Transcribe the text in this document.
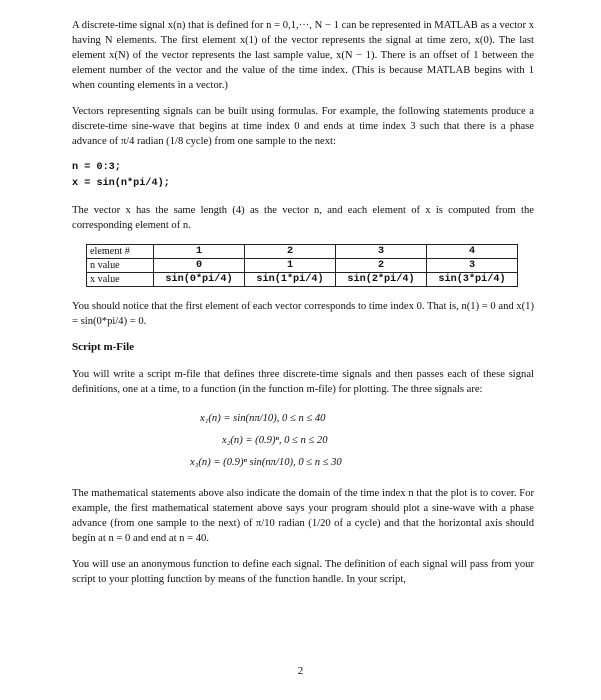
A discrete-time signal x(n) that is defined for n = 0,1,···, N − 1 can be represented in MATLAB as a vector x having N elements. The first element x(1) of the vector represents the signal at time zero, x(0). The last element x(N) of the vector represents the last sample value, x(N − 1). There is an offset of 1 between the element number of the vector and the value of the time index. (This is because MATLAB begins with 1 when counting elements in a vector.)

Vectors representing signals can be built using formulas. For example, the following statements produce a discrete-time sine-wave that begins at time index 0 and ends at time index 3 such that there is a phase advance of π/4 radian (1/8 cycle) from one sample to the next:

n = 0:3;
x = sin(n*pi/4);

The vector x has the same length (4) as the vector n, and each element of x is computed from the corresponding element of n.

element #	1	2	3	4
n value	0	1	2	3
x value	sin(0*pi/4)	sin(1*pi/4)	sin(2*pi/4)	sin(3*pi/4)

You should notice that the first element of each vector corresponds to time index 0. That is, n(1) = 0 and x(1) = sin(0*pi/4) = 0.

Script m-File

You will write a script m-file that defines three discrete-time signals and then passes each of these signal definitions, one at a time, to a function (in the function m-file) for plotting. The three signals are:

x₁(n) = sin(nπ/10), 0 ≤ n ≤ 40
x₂(n) = (0.9)ⁿ, 0 ≤ n ≤ 20
x₃(n) = (0.9)ⁿ sin(nπ/10), 0 ≤ n ≤ 30

The mathematical statements above also indicate the domain of the time index n that the plot is to cover. For example, the first mathematical statement above says your program should plot a sine-wave with a phase advance (from one sample to the next) of π/10 radian (1/20 of a cycle) and that the horizontal axis should begin at n = 0 and end at n = 40.

You will use an anonymous function to define each signal. The definition of each signal will pass from your script to your plotting function by means of the function handle. In your script,

2
